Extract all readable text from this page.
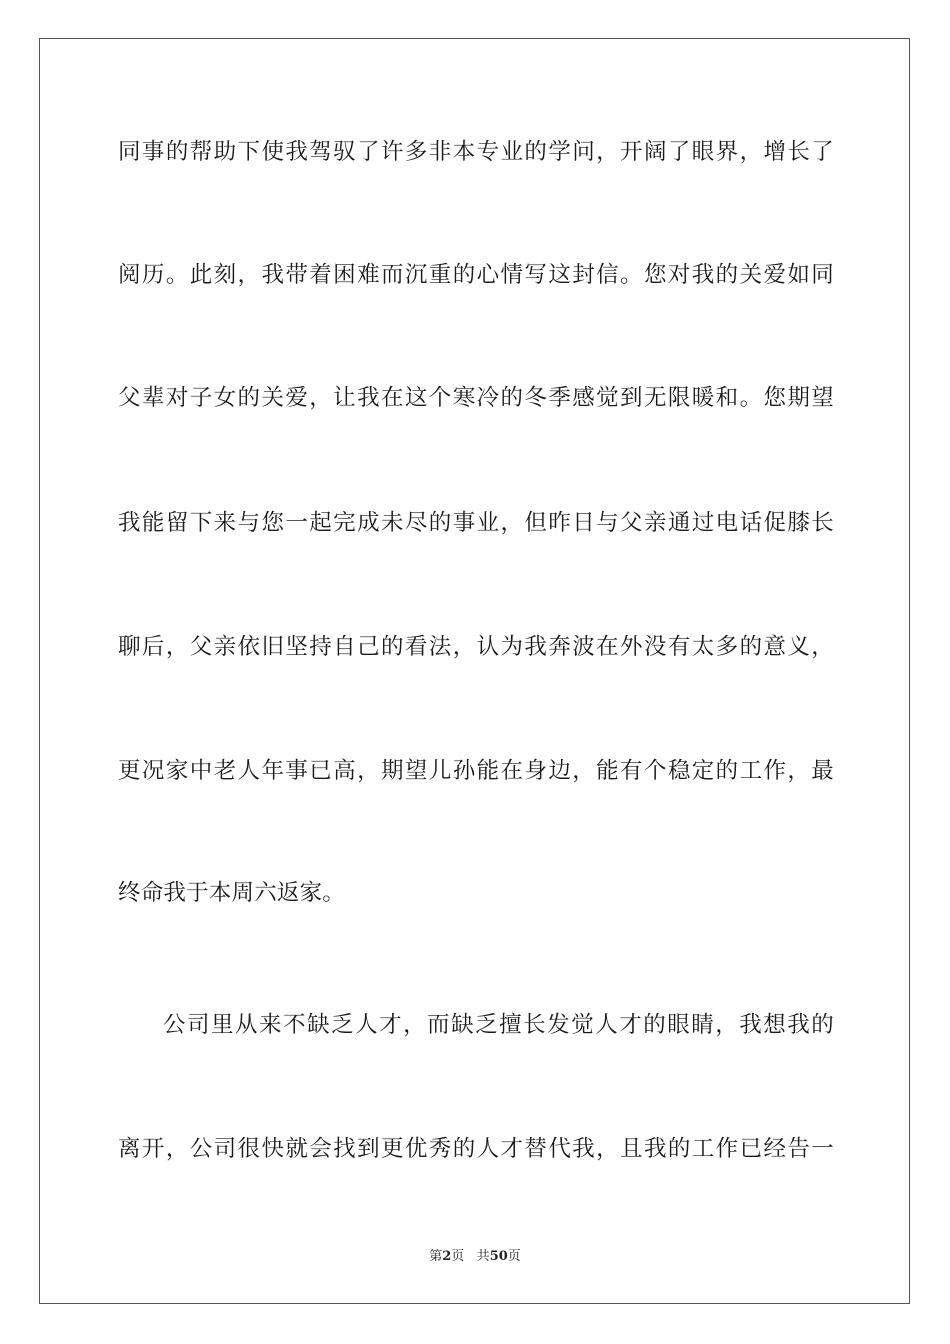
同事的帮助下使我驾驭了许多非本专业的学问，开阔了眼界，增长了
阅历。此刻，我带着困难而沉重的心情写这封信。您对我的关爱如同
父辈对子女的关爱，让我在这个寒冷的冬季感觉到无限暖和。您期望
我能留下来与您一起完成未尽的事业，但昨日与父亲通过电话促膝长
聊后，父亲依旧坚持自己的看法，认为我奔波在外没有太多的意义，
更况家中老人年事已高，期望儿孙能在身边，能有个稳定的工作，最
终命我于本周六返家。
公司里从来不缺乏人才，而缺乏擅长发觉人才的眼睛，我想我的
离开，公司很快就会找到更优秀的人才替代我，且我的工作已经告一
第2页 共50页
